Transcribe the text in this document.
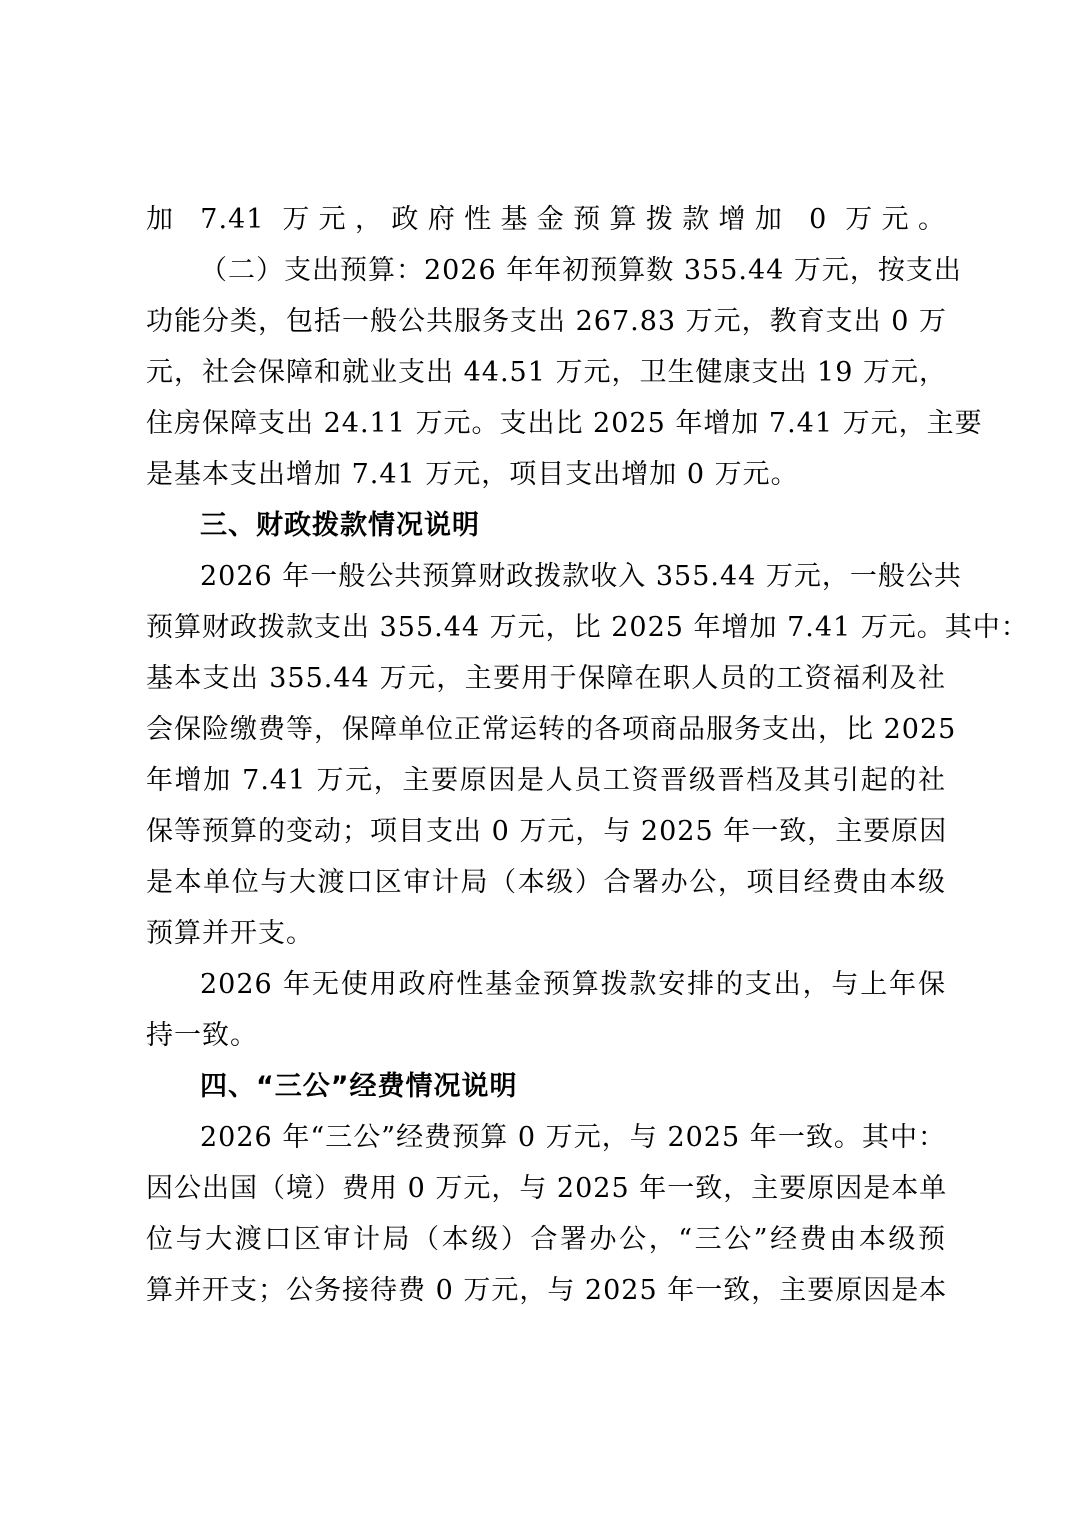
加 7.41 万元，政府性基金预算拨款增加 0 万元。
（二）支出预算：2026 年年初预算数 355.44 万元，按支出
功能分类，包括一般公共服务支出 267.83 万元，教育支出 0 万
元，社会保障和就业支出 44.51 万元，卫生健康支出 19 万元，
住房保障支出 24.11 万元。支出比 2025 年增加 7.41 万元，主要
是基本支出增加 7.41 万元，项目支出增加 0 万元。
三、财政拨款情况说明
2026 年一般公共预算财政拨款收入 355.44 万元，一般公共
预算财政拨款支出 355.44 万元，比 2025 年增加 7.41 万元。其中：
基本支出 355.44 万元，主要用于保障在职人员的工资福利及社
会保险缴费等，保障单位正常运转的各项商品服务支出，比 2025
年增加 7.41 万元，主要原因是人员工资晋级晋档及其引起的社
保等预算的变动；项目支出 0 万元，与 2025 年一致，主要原因
是本单位与大渡口区审计局（本级）合署办公，项目经费由本级
预算并开支。
2026 年无使用政府性基金预算拨款安排的支出，与上年保
持一致。
四、“三公”经费情况说明
2026 年“三公”经费预算 0 万元，与 2025 年一致。其中：
因公出国（境）费用 0 万元，与 2025 年一致，主要原因是本单
位与大渡口区审计局（本级）合署办公，“三公”经费由本级预
算并开支；公务接待费 0 万元，与 2025 年一致，主要原因是本
